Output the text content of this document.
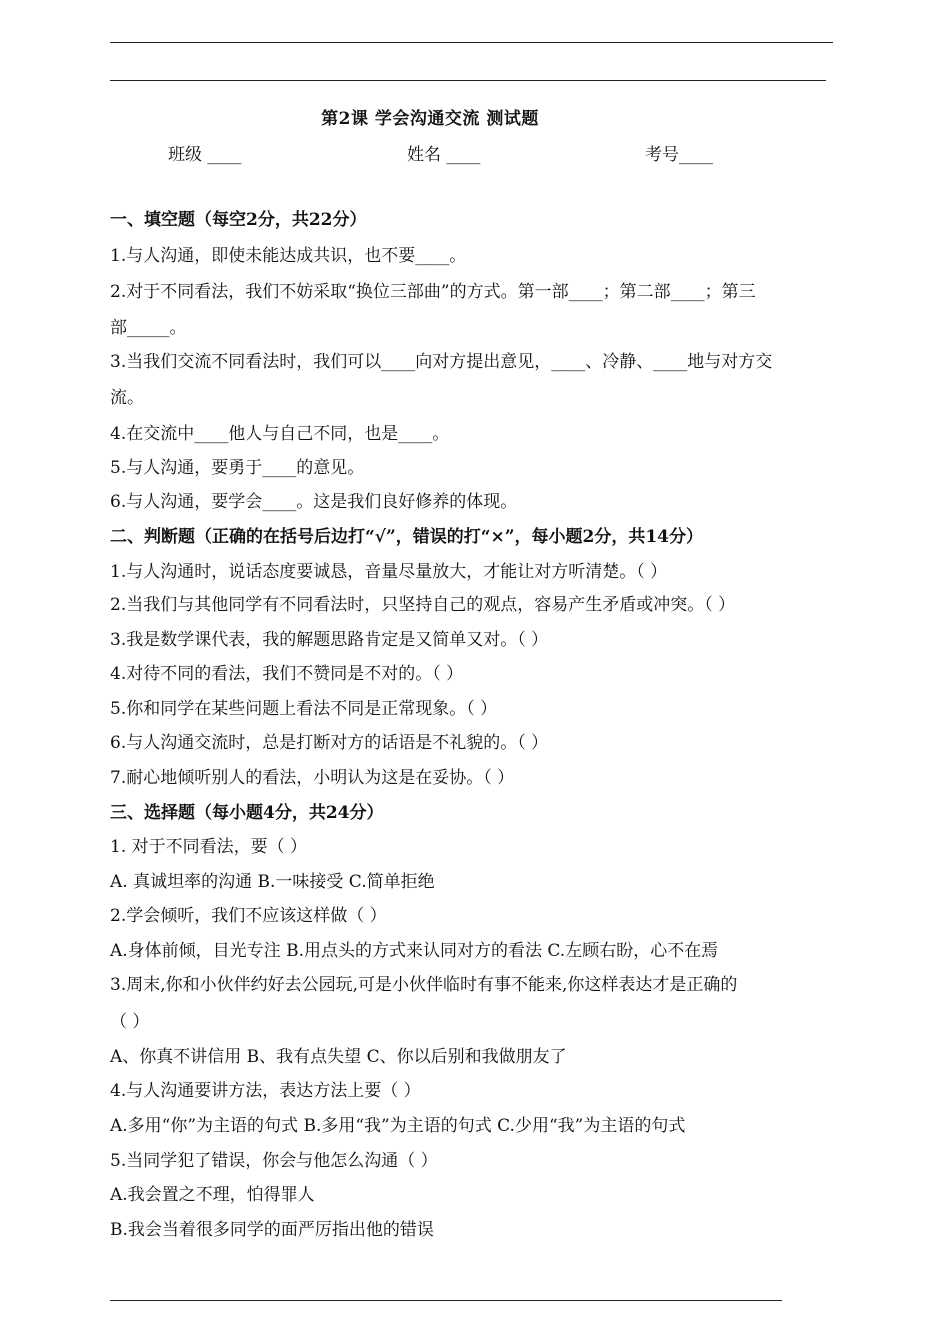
第2课 学会沟通交流 测试题
班级 ____	姓名 ____	考号____
一、填空题（每空2分，共22分）
1.与人沟通，即使未能达成共识，也不要____。
2.对于不同看法，我们不妨采取“换位三部曲”的方式。第一部____；第二部____；第三
部_____。
3.当我们交流不同看法时，我们可以____向对方提出意见，____、冷静、____地与对方交
流。
4.在交流中____他人与自己不同，也是____。
5.与人沟通，要勇于____的意见。
6.与人沟通，要学会____。这是我们良好修养的体现。
二、判断题（正确的在括号后边打“√”，错误的打“×”，每小题2分，共14分）
1.与人沟通时，说话态度要诚恳，音量尽量放大，才能让对方听清楚。（ ）
2.当我们与其他同学有不同看法时，只坚持自己的观点，容易产生矛盾或冲突。（ ）
3.我是数学课代表，我的解题思路肯定是又简单又对。（ ）
4.对待不同的看法，我们不赞同是不对的。（ ）
5.你和同学在某些问题上看法不同是正常现象。（ ）
6.与人沟通交流时，总是打断对方的话语是不礼貌的。（ ）
7.耐心地倾听别人的看法，小明认为这是在妥协。（ ）
三、选择题（每小题4分，共24分）
1. 对于不同看法，要（ ）
A. 真诚坦率的沟通 B.一味接受 C.简单拒绝
2.学会倾听，我们不应该这样做（ ）
A.身体前倾，目光专注 B.用点头的方式来认同对方的看法 C.左顾右盼，心不在焉
3.周末,你和小伙伴约好去公园玩,可是小伙伴临时有事不能来,你这样表达才是正确的
（ ）
A、你真不讲信用 B、我有点失望 C、你以后别和我做朋友了
4.与人沟通要讲方法，表达方法上要（ ）
A.多用“你”为主语的句式 B.多用“我”为主语的句式 C.少用“我”为主语的句式
5.当同学犯了错误，你会与他怎么沟通（ ）
A.我会置之不理，怕得罪人
B.我会当着很多同学的面严厉指出他的错误
